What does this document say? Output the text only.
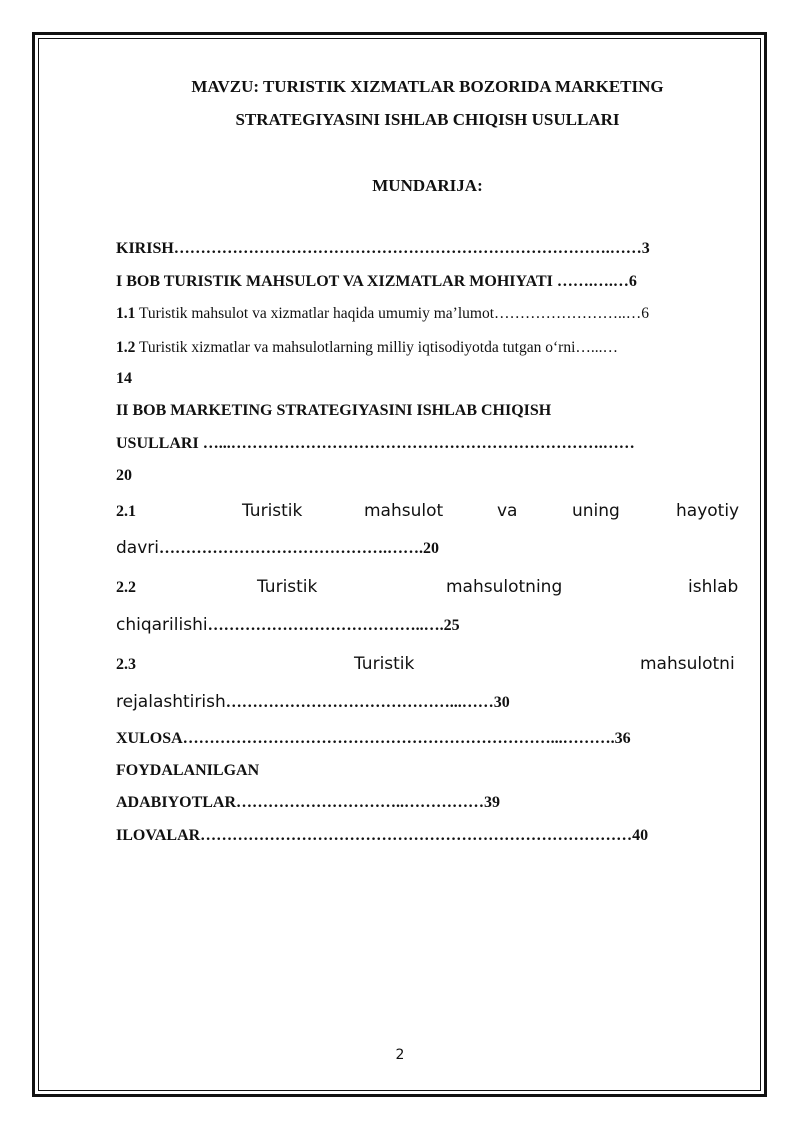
MAVZU: TURISTIK XIZMATLAR BOZORIDA MARKETING
STRATEGIYASINI ISHLAB CHIQISH USULLARI
MUNDARIJA:
KIRISH……………………………………………………………………….……3
I BOB TURISTIK MAHSULOT VA XIZMATLAR MOHIYATI …….….…6
1.1 Turistik mahsulot va xizmatlar haqida umumiy ma’lumot……………………..…6
1.2 Turistik xizmatlar va mahsulotlarning milliy iqtisodiyotda tutgan o‘rni…...…
14
II BOB MARKETING STRATEGIYASINI ISHLAB CHIQISH
USULLARI …...…………………………………………………………….……
20
2.1	Turistik	mahsulot	va	uning	hayotiy
davri…………………………………….…….20
2.2	Turistik	mahsulotning	ishlab
chiqarilishi…………………………………..….25
2.3	Turistik	mahsulotni
rejalashtirish……………………………………...……30
XULOSA……………………………………………………………...……….36
FOYDALANILGAN
ADABIYOTLAR…………………………..……………39
ILOVALAR………………………………………………………………………40
2
